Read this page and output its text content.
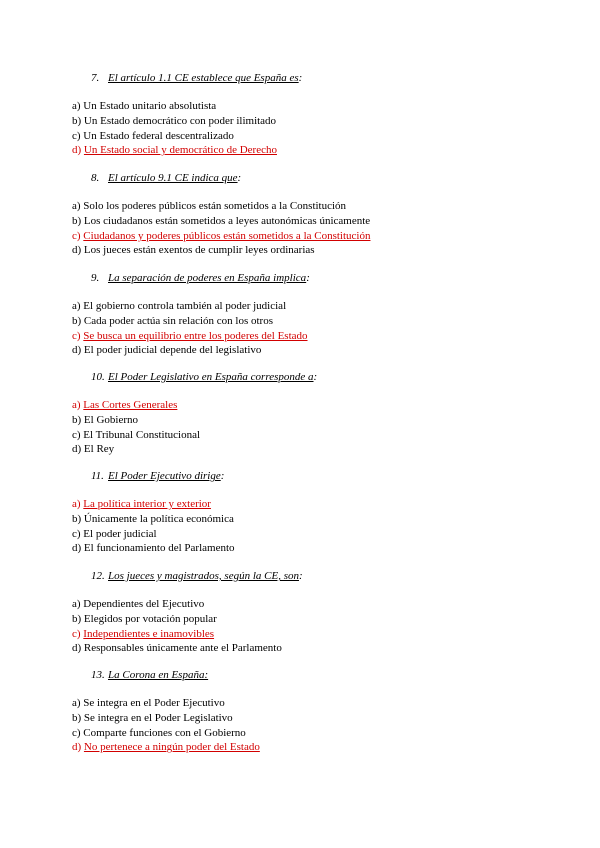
7. El artículo 1.1 CE establece que España es:
a) Un Estado unitario absolutista
b) Un Estado democrático con poder ilimitado
c) Un Estado federal descentralizado
d) Un Estado social y democrático de Derecho
8. El artículo 9.1 CE indica que:
a) Solo los poderes públicos están sometidos a la Constitución
b) Los ciudadanos están sometidos a leyes autonómicas únicamente
c) Ciudadanos y poderes públicos están sometidos a la Constitución
d) Los jueces están exentos de cumplir leyes ordinarias
9. La separación de poderes en España implica:
a) El gobierno controla también al poder judicial
b) Cada poder actúa sin relación con los otros
c) Se busca un equilibrio entre los poderes del Estado
d) El poder judicial depende del legislativo
10. El Poder Legislativo en España corresponde a:
a) Las Cortes Generales
b) El Gobierno
c) El Tribunal Constitucional
d) El Rey
11. El Poder Ejecutivo dirige:
a) La política interior y exterior
b) Únicamente la política económica
c) El poder judicial
d) El funcionamiento del Parlamento
12. Los jueces y magistrados, según la CE, son:
a) Dependientes del Ejecutivo
b) Elegidos por votación popular
c) Independientes e inamovibles
d) Responsables únicamente ante el Parlamento
13. La Corona en España:
a) Se integra en el Poder Ejecutivo
b) Se integra en el Poder Legislativo
c) Comparte funciones con el Gobierno
d) No pertenece a ningún poder del Estado
